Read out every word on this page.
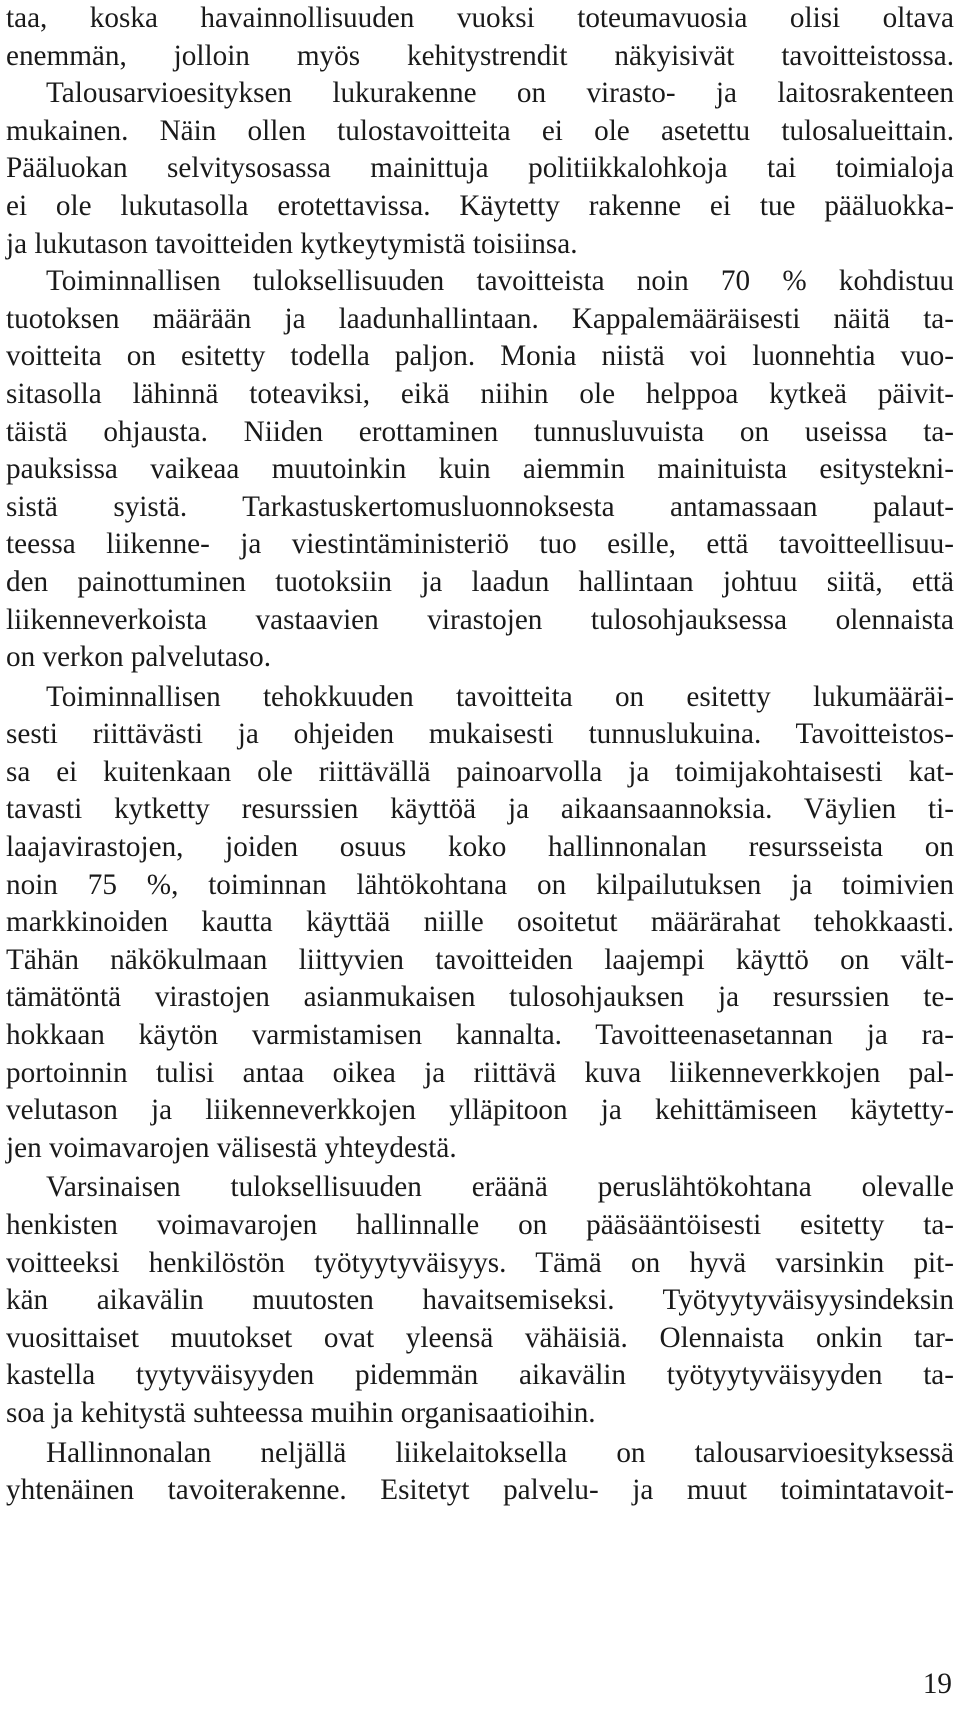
taa, koska havainnollisuuden vuoksi toteumavuosia olisi oltava
enemmän, jolloin myös kehitystrendit näkyisivät tavoitteistossa.
Talousarvioesityksen lukurakenne on virasto- ja laitosrakenteen
mukainen. Näin ollen tulostavoitteita ei ole asetettu tulosalueittain.
Pääluokan selvitysosassa mainittuja politiikkalohkoja tai toimialoja
ei ole lukutasolla erotettavissa. Käytetty rakenne ei tue pääluokka-
ja lukutason tavoitteiden kytkeytymistä toisiinsa.
Toiminnallisen tuloksellisuuden tavoitteista noin 70 % kohdistuu
tuotoksen määrään ja laadunhallintaan. Kappalemääräisesti näitä ta-
voitteita on esitetty todella paljon. Monia niistä voi luonnehtia vuo-
sitasolla lähinnä toteaviksi, eikä niihin ole helppoa kytkeä päivit-
täistä ohjausta. Niiden erottaminen tunnusluvuista on useissa ta-
pauksissa vaikeaa muutoinkin kuin aiemmin mainituista esitystekni-
sistä syistä. Tarkastuskertomusluonnoksesta antamassaan palaut-
teessa liikenne- ja viestintäministeriö tuo esille, että tavoitteellisuu-
den painottuminen tuotoksiin ja laadun hallintaan johtuu siitä, että
liikenneverkoista vastaavien virastojen tulosohjauksessa olennaista
on verkon palvelutaso.
Toiminnallisen tehokkuuden tavoitteita on esitetty lukumääräi-
sesti riittävästi ja ohjeiden mukaisesti tunnuslukuina. Tavoitteistos-
sa ei kuitenkaan ole riittävällä painoarvolla ja toimijakohtaisesti kat-
tavasti kytketty resurssien käyttöä ja aikaansaannoksia. Väylien ti-
laajavirastojen, joiden osuus koko hallinnonalan resursseista on
noin 75 %, toiminnan lähtökohtana on kilpailutuksen ja toimivien
markkinoiden kautta käyttää niille osoitetut määrärahat tehokkaasti.
Tähän näkökulmaan liittyvien tavoitteiden laajempi käyttö on vält-
tämätöntä virastojen asianmukaisen tulosohjauksen ja resurssien te-
hokkaan käytön varmistamisen kannalta. Tavoitteenasetannan ja ra-
portoinnin tulisi antaa oikea ja riittävä kuva liikenneverkkojen pal-
velutason ja liikenneverkkojen ylläpitoon ja kehittämiseen käytetty-
jen voimavarojen välisestä yhteydestä.
Varsinaisen tuloksellisuuden eräänä peruslähtökohtana olevalle
henkisten voimavarojen hallinnalle on pääsääntöisesti esitetty ta-
voitteeksi henkilöstön työtyytyväisyys. Tämä on hyvä varsinkin pit-
kän aikavälin muutosten havaitsemiseksi. Työtyytyväisyysindeksin
vuosittaiset muutokset ovat yleensä vähäisiä. Olennaista onkin tar-
kastella tyytyväisyyden pidemmän aikavälin työtyytyväisyyden ta-
soa ja kehitystä suhteessa muihin organisaatioihin.
Hallinnonalan neljällä liikelaitoksella on talousarvioesityksessä
yhtenäinen tavoiterakenne. Esitetyt palvelu- ja muut toimintatavoit-
19
